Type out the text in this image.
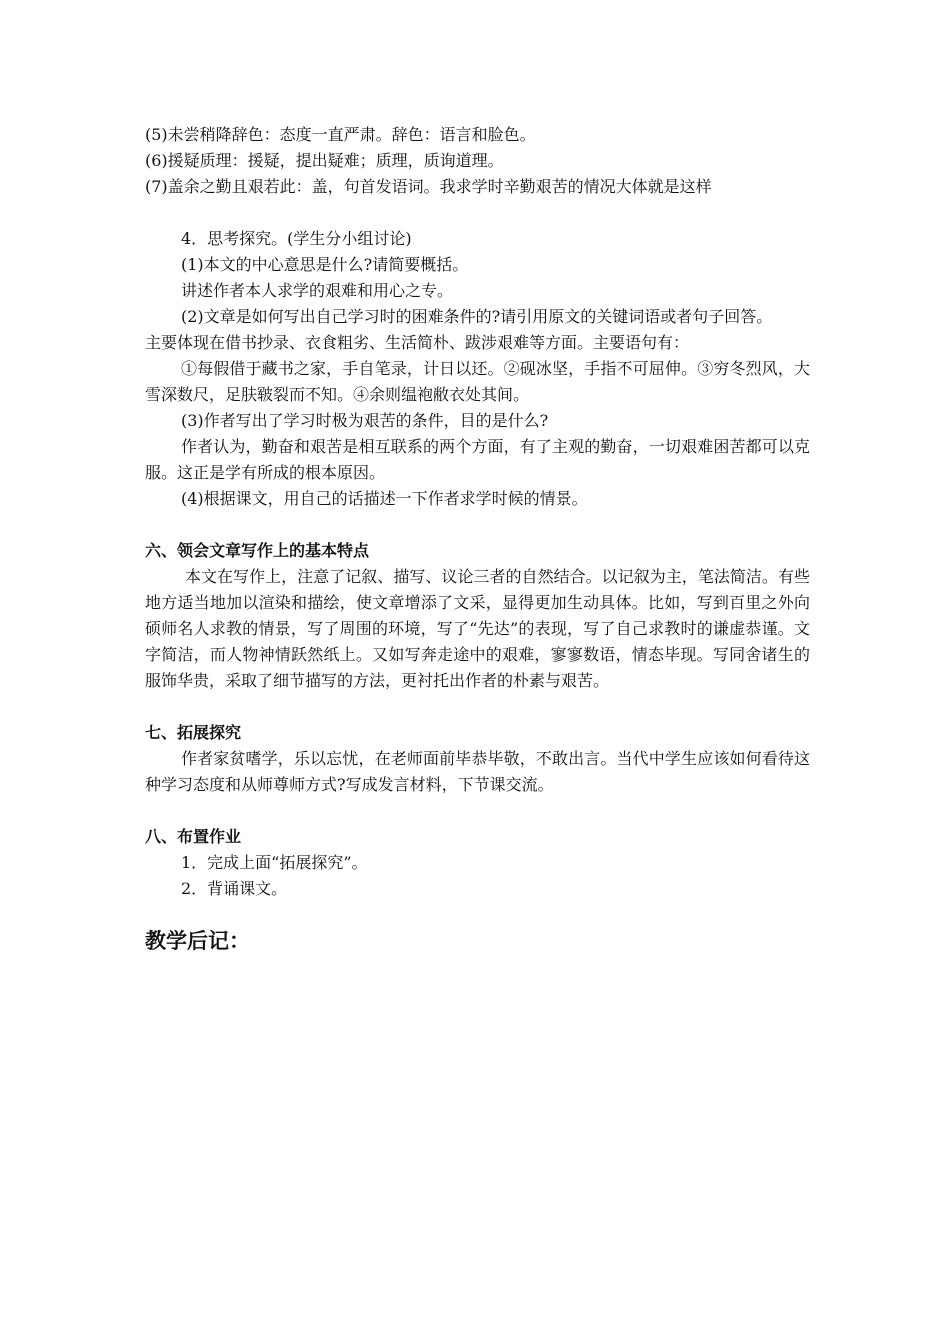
(5)未尝稍降辞色：态度一直严肃。辞色：语言和脸色。
(6)援疑质理：援疑，提出疑难；质理，质询道理。
(7)盖余之勤且艰若此：盖，句首发语词。我求学时辛勤艰苦的情况大体就是这样
4．思考探究。(学生分小组讨论)
(1)本文的中心意思是什么?请简要概括。
讲述作者本人求学的艰难和用心之专。
(2)文章是如何写出自己学习时的困难条件的?请引用原文的关键词语或者句子回答。
主要体现在借书抄录、衣食粗劣、生活简朴、跋涉艰难等方面。主要语句有：
①每假借于藏书之家，手自笔录，计日以还。②砚冰坚，手指不可屈伸。③穷冬烈风，大雪深数尺，足肤皲裂而不知。④余则缊袍敝衣处其间。
(3)作者写出了学习时极为艰苦的条件，目的是什么?
作者认为，勤奋和艰苦是相互联系的两个方面，有了主观的勤奋，一切艰难困苦都可以克服。这正是学有所成的根本原因。
(4)根据课文，用自己的话描述一下作者求学时候的情景。
六、领会文章写作上的基本特点
本文在写作上，注意了记叙、描写、议论三者的自然结合。以记叙为主，笔法简洁。有些地方适当地加以渲染和描绘，使文章增添了文采，显得更加生动具体。比如，写到百里之外向硕师名人求教的情景，写了周围的环境，写了“先达”的表现，写了自己求教时的谦虚恭谨。文字简洁，而人物神情跃然纸上。又如写奔走途中的艰难，寥寥数语，情态毕现。写同舍诸生的服饰华贵，采取了细节描写的方法，更衬托出作者的朴素与艰苦。
七、拓展探究
作者家贫嗜学，乐以忘忧，在老师面前毕恭毕敬，不敢出言。当代中学生应该如何看待这种学习态度和从师尊师方式?写成发言材料，下节课交流。
八、布置作业
1．完成上面“拓展探究”。
2．背诵课文。
教学后记：
